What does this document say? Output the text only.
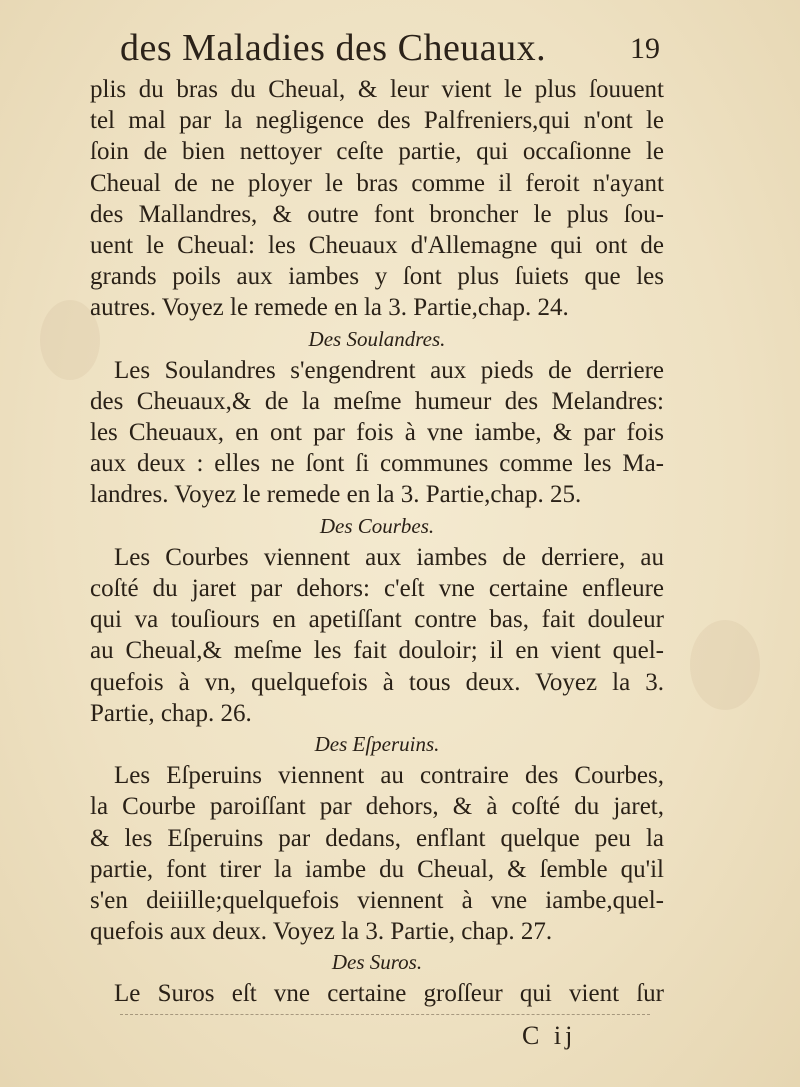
des Maladies des Cheuaux.	19
plis du bras du Cheual, & leur vient le plus ſouuent
tel mal par la negligence des Palfreniers,qui n'ont le
ſoin de bien nettoyer ceſte partie, qui occaſionne le
Cheual de ne ployer le bras comme il feroit n'ayant
des Mallandres, & outre font broncher le plus ſou-
uent le Cheual: les Cheuaux d'Allemagne qui ont de
grands poils aux iambes y ſont plus ſuiets que les
autres. Voyez le remede en la 3. Partie,chap. 24.
Des Soulandres.
Les Soulandres s'engendrent aux pieds de derriere
des Cheuaux,& de la meſme humeur des Melandres:
les Cheuaux, en ont par fois à vne iambe, & par fois
aux deux : elles ne ſont ſi communes comme les Ma-
landres. Voyez le remede en la 3. Partie,chap. 25.
Des Courbes.
Les Courbes viennent aux iambes de derriere, au
coſté du jaret par dehors: c'eſt vne certaine enfleure
qui va touſiours en apetiſſant contre bas, fait douleur
au Cheual,& meſme les fait douloir; il en vient quel-
quefois à vn, quelquefois à tous deux. Voyez la 3.
Partie, chap. 26.
Des Eſperuins.
Les Eſperuins viennent au contraire des Courbes,
la Courbe paroiſſant par dehors, & à coſté du jaret,
& les Eſperuins par dedans, enflant quelque peu la
partie, font tirer la iambe du Cheual, & ſemble qu'il
s'en deiiille;quelquefois viennent à vne iambe,quel-
quefois aux deux. Voyez la 3. Partie, chap. 27.
Des Suros.
Le Suros eſt vne certaine groſſeur qui vient ſur
C ij
